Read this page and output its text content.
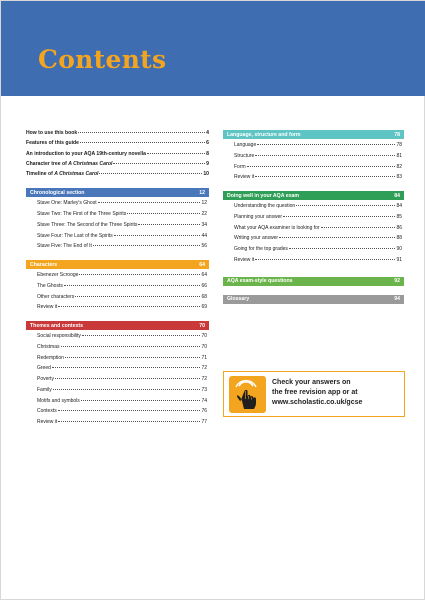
Contents
How to use this book	4
Features of this guide	6
An introduction to your AQA 19th-century novella	8
Character tree of A Christmas Carol	9
Timeline of A Christmas Carol	10
Chronological section	12
Stave One: Marley's Ghost	12
Stave Two: The First of the Three Spirits	22
Stave Three: The Second of the Three Spirits	34
Stave Four: The Last of the Spirits	44
Stave Five: The End of It	56
Characters	64
Ebenezer Scrooge	64
The Ghosts	66
Other characters	68
Review it	69
Themes and contexts	70
Social responsibility	70
Christmas	70
Redemption	71
Greed	72
Poverty	72
Family	73
Motifs and symbols	74
Contexts	76
Review it	77
Language, structure and form	78
Language	78
Structure	81
Form	82
Review it	83
Doing well in your AQA exam	84
Understanding the question	84
Planning your answer	85
What your AQA examiner is looking for	86
Writing your answer	88
Going for the top grades	90
Review it	91
AQA exam-style questions	92
Glossary	94
Check your answers on
the free revision app or at
www.scholastic.co.uk/gcse
